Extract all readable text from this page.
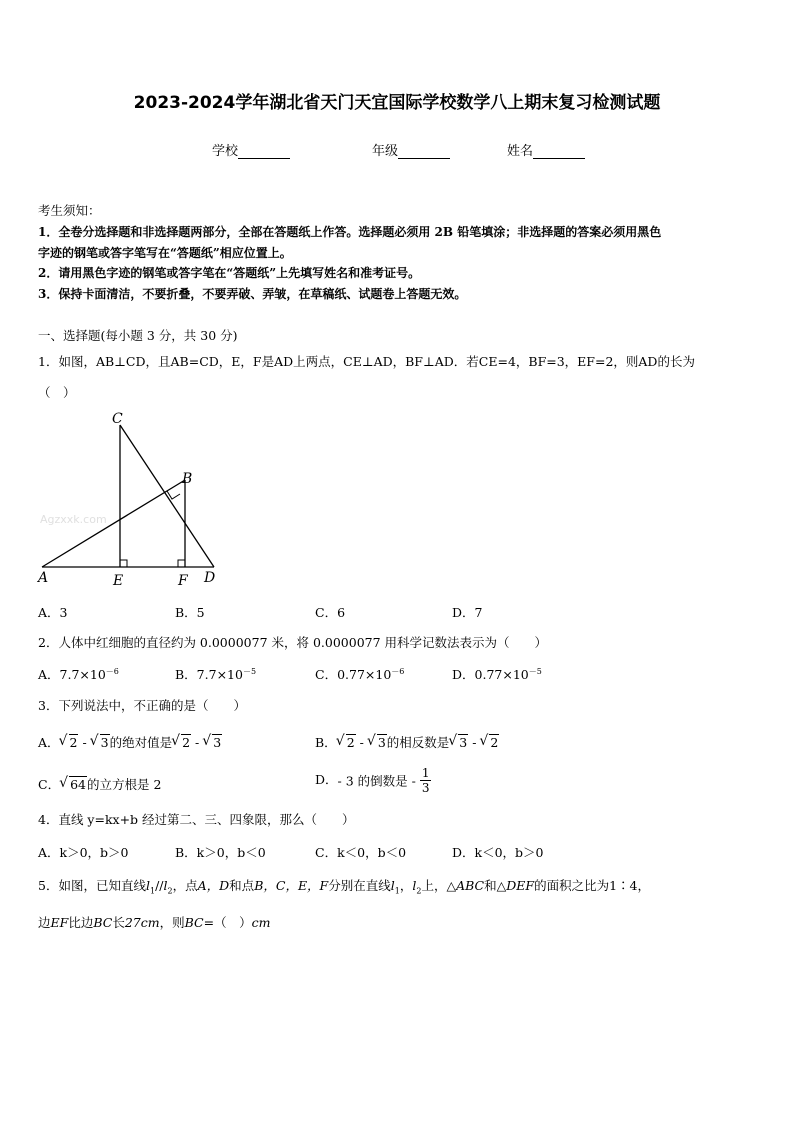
2023-2024学年湖北省天门天宜国际学校数学八上期末复习检测试题
学校	年级	姓名
考生须知：
1．全卷分选择题和非选择题两部分，全部在答题纸上作答。选择题必须用 2B 铅笔填涂；非选择题的答案必须用黑色
字迹的钢笔或答字笔写在“答题纸”相应位置上。
2．请用黑色字迹的钢笔或答字笔在“答题纸”上先填写姓名和准考证号。
3．保持卡面清洁，不要折叠，不要弄破、弄皱，在草稿纸、试题卷上答题无效。
一、选择题(每小题 3 分，共 30 分)
1．如图，AB⊥CD，且AB=CD，E，F是AD上两点，CE⊥AD，BF⊥AD．若CE=4，BF=3，EF=2，则AD的长为
（　）
Agzxxk.com
C
B
A	E	F D
A．3	B．5	C．6	D．7
2．人体中红细胞的直径约为 0.0000077 米，将 0.0000077 用科学记数法表示为（　　）
A．$7.7\times 10^{-6}$	B．$7.7\times 10^{-5}$	C．$0.77\times 10^{-6}$	D．$0.77\times 10^{-5}$
3．下列说法中，不正确的是（　　）
A． √ 2 - √ 3的绝对值是 √ 2 - √ 3	B． √ 2 - √ 3的相反数是 √ 3 - √ 2
C． √ 64的立方根是 2	D．- 3 的倒数是 - $\frac{1}{3}$
4．直线 y=kx+b 经过第二、三、四象限，那么（　　）
A．k＞0，b＞0	B．k＞0，b＜0	C．k＜0，b＜0	D．k＜0，b＞0
5．如图，已知直线$l_1//l_2$，点A，D和点B，C，E，F分别在直线$l_1$，$l_2$上，△ABC和△DEF的面积之比为1∶4，
边EF比边BC长27cm，则BC=（　）cm
